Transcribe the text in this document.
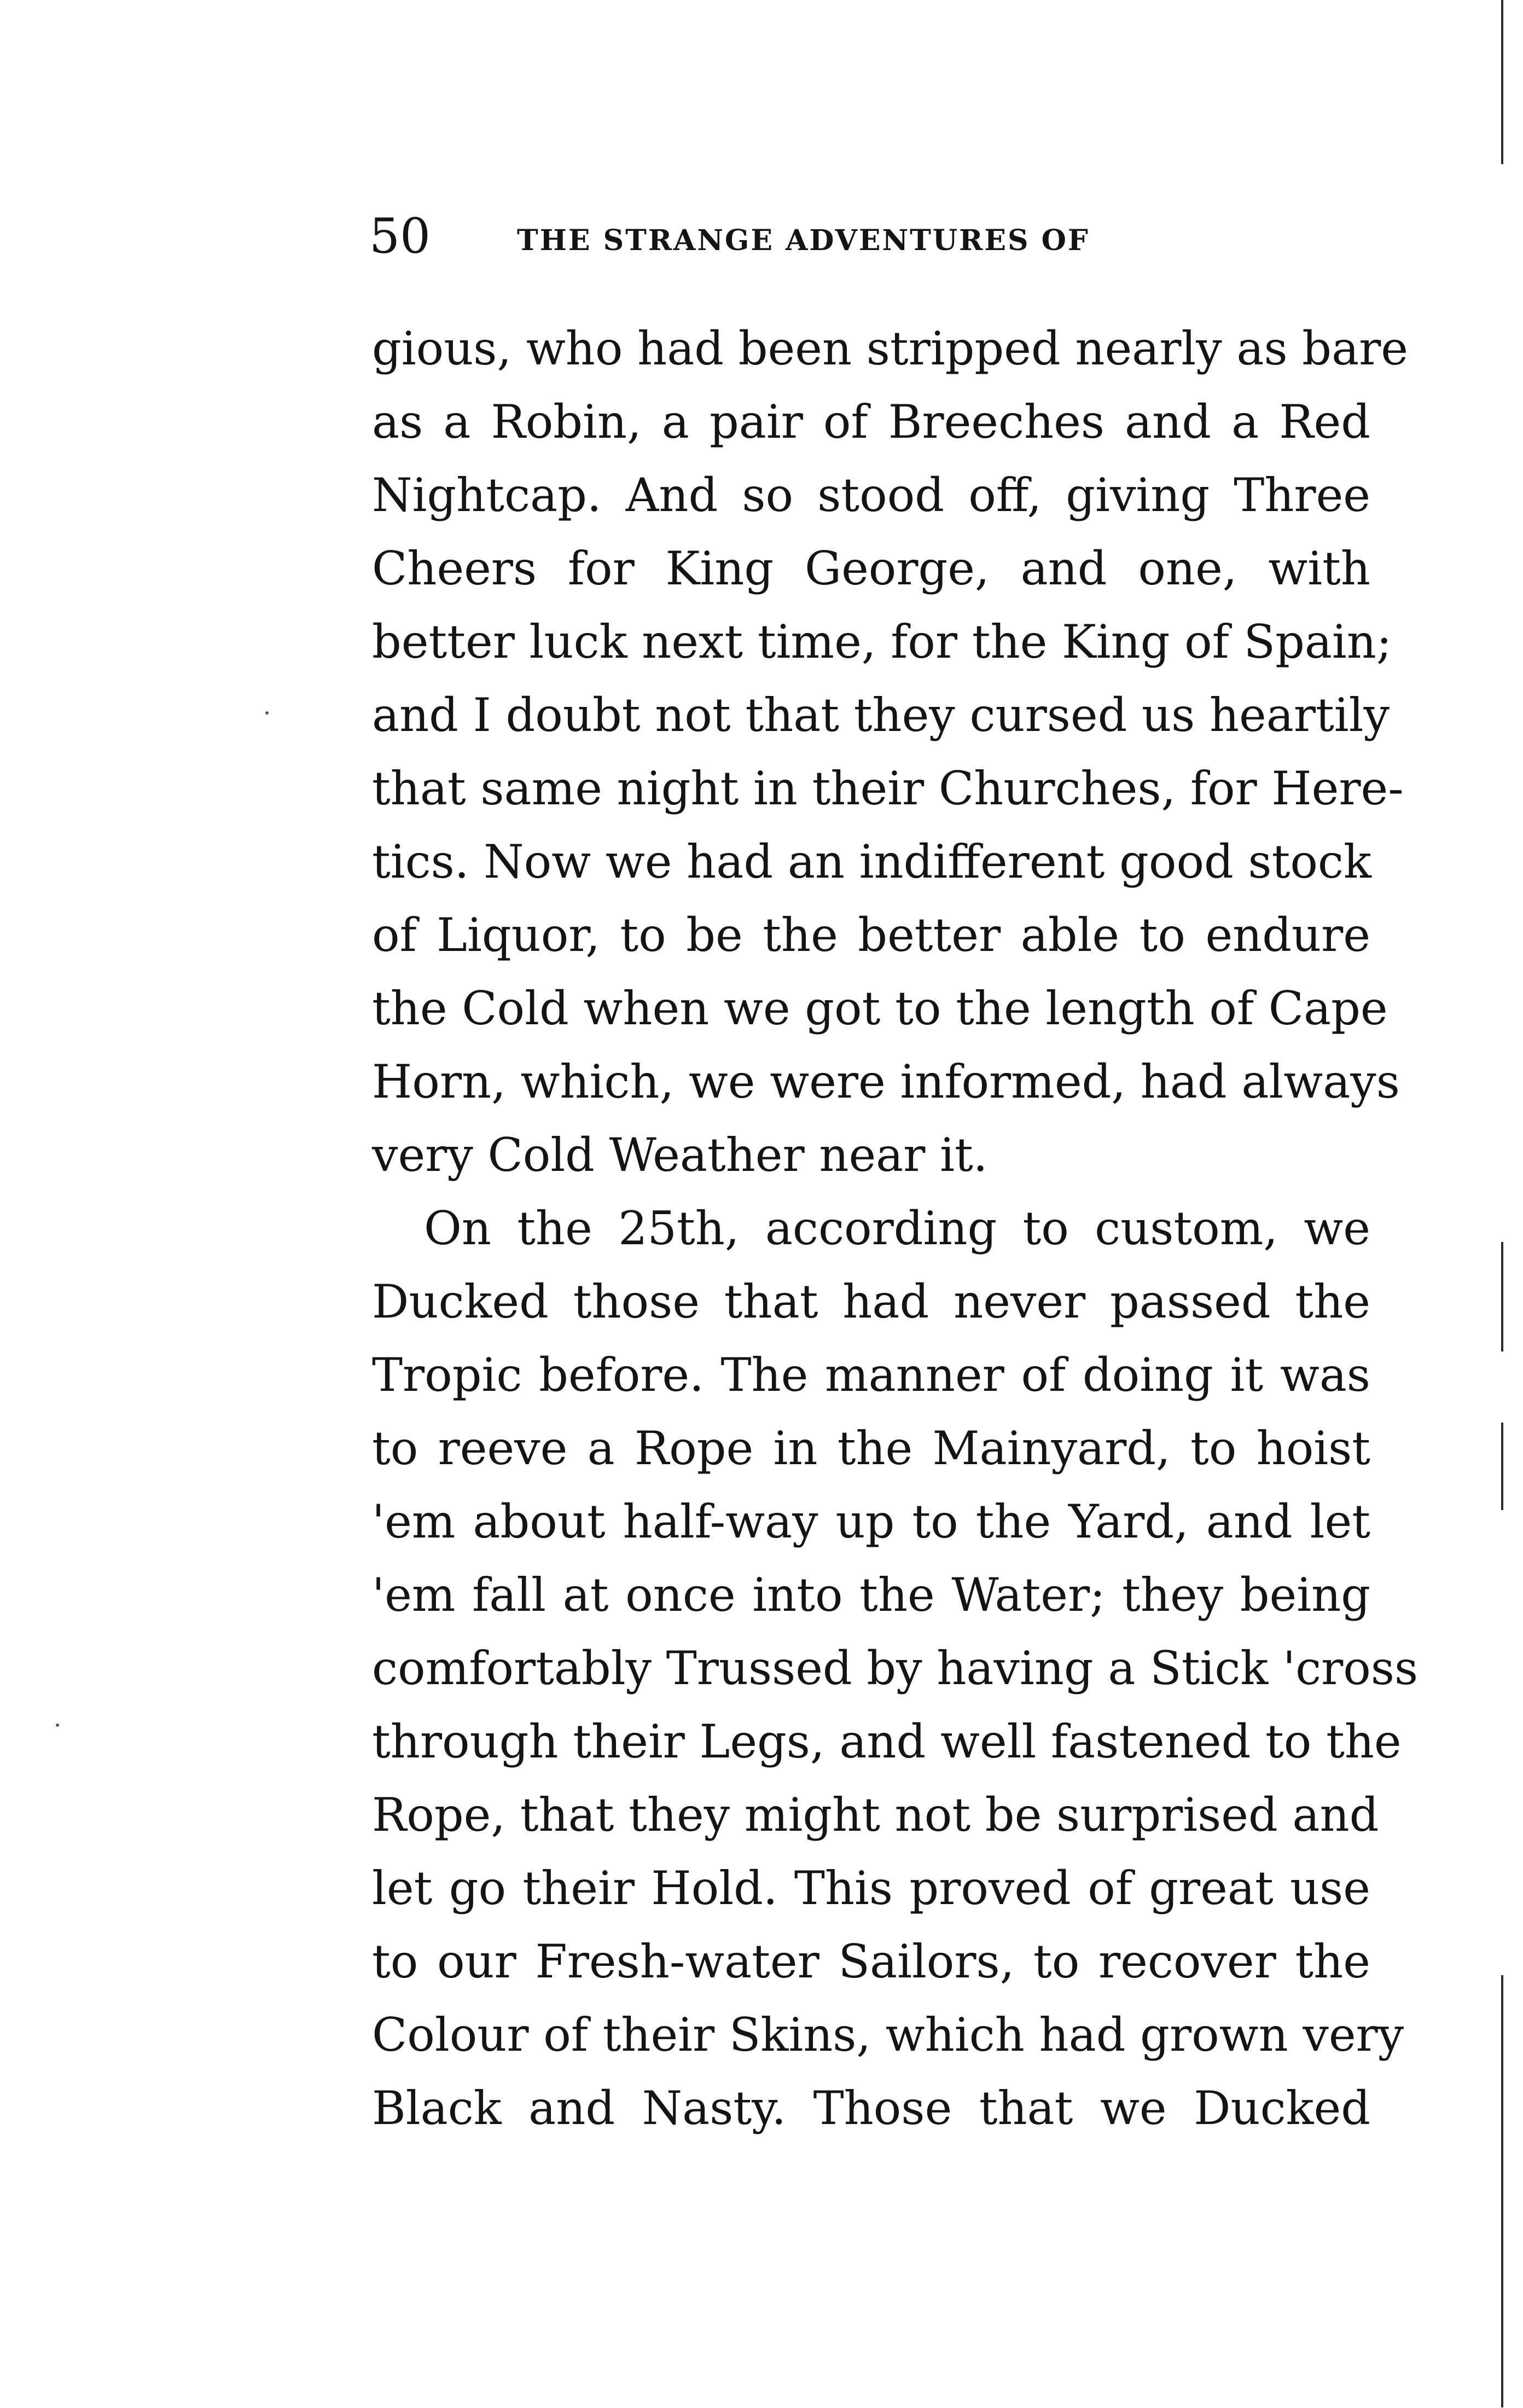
50	THE STRANGE ADVENTURES OF
gious, who had been stripped nearly as bare
as a Robin, a pair of Breeches and a Red
Nightcap. And so stood off, giving Three
Cheers for King George, and one, with
better luck next time, for the King of Spain;
and I doubt not that they cursed us heartily
that same night in their Churches, for Here-
tics. Now we had an indifferent good stock
of Liquor, to be the better able to endure
the Cold when we got to the length of Cape
Horn, which, we were informed, had always
very Cold Weather near it.
On the 25th, according to custom, we
Ducked those that had never passed the
Tropic before. The manner of doing it was
to reeve a Rope in the Mainyard, to hoist
'em about half-way up to the Yard, and let
'em fall at once into the Water; they being
comfortably Trussed by having a Stick 'cross
through their Legs, and well fastened to the
Rope, that they might not be surprised and
let go their Hold. This proved of great use
to our Fresh-water Sailors, to recover the
Colour of their Skins, which had grown very
Black and Nasty. Those that we Ducked
